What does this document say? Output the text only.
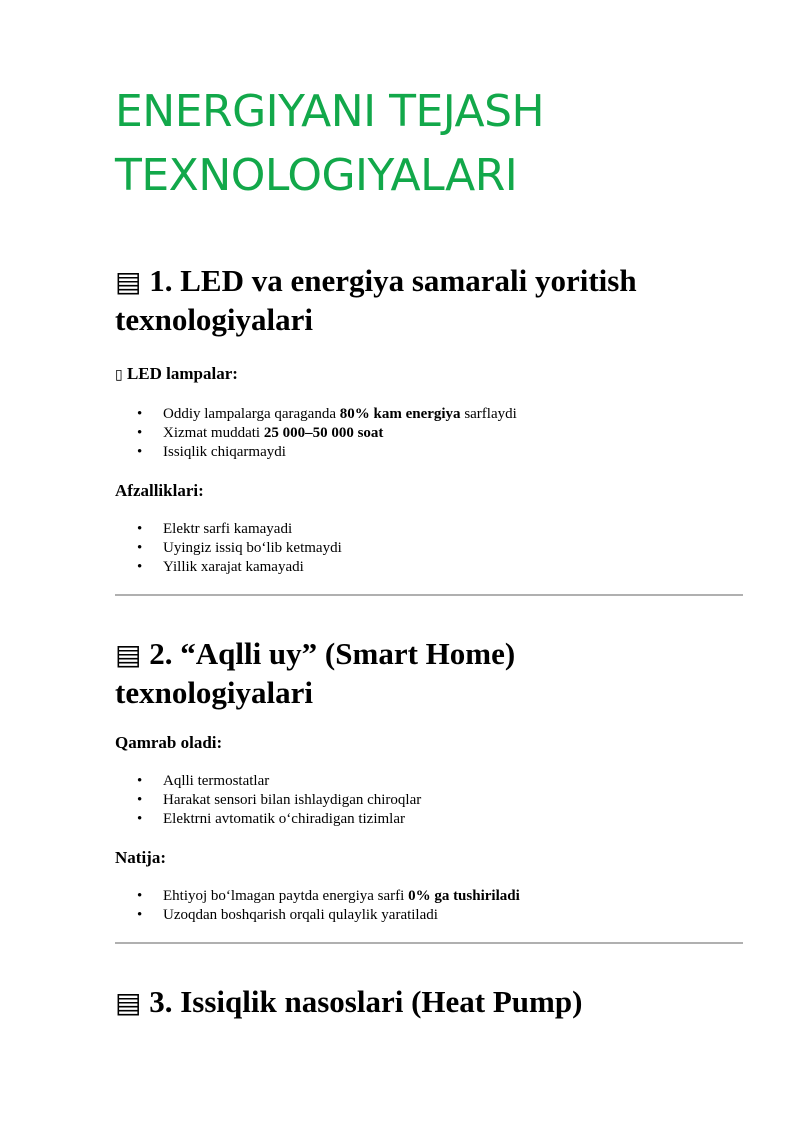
ENERGIYANI TEJASH TEXNOLOGIYALARI
▤ 1. LED va energiya samarali yoritish
texnologiyalari

▯ LED lampalar:

• Oddiy lampalarga qaraganda 80% kam energiya sarflaydi
• Xizmat muddati 25 000–50 000 soat
• Issiqlik chiqarmaydi

Afzalliklari:

• Elektr sarfi kamayadi
• Uyingiz issiq bo‘lib ketmaydi
• Yillik xarajat kamayadi
▤ 2. “Aqlli uy” (Smart Home)
texnologiyalari

Qamrab oladi:

• Aqlli termostatlar
• Harakat sensori bilan ishlaydigan chiroqlar
• Elektrni avtomatik o‘chiradigan tizimlar

Natija:

• Ehtiyoj bo‘lmagan paytda energiya sarfi 0% ga tushiriladi
• Uzoqdan boshqarish orqali qulaylik yaratiladi
▤ 3. Issiqlik nasoslari (Heat Pump)
